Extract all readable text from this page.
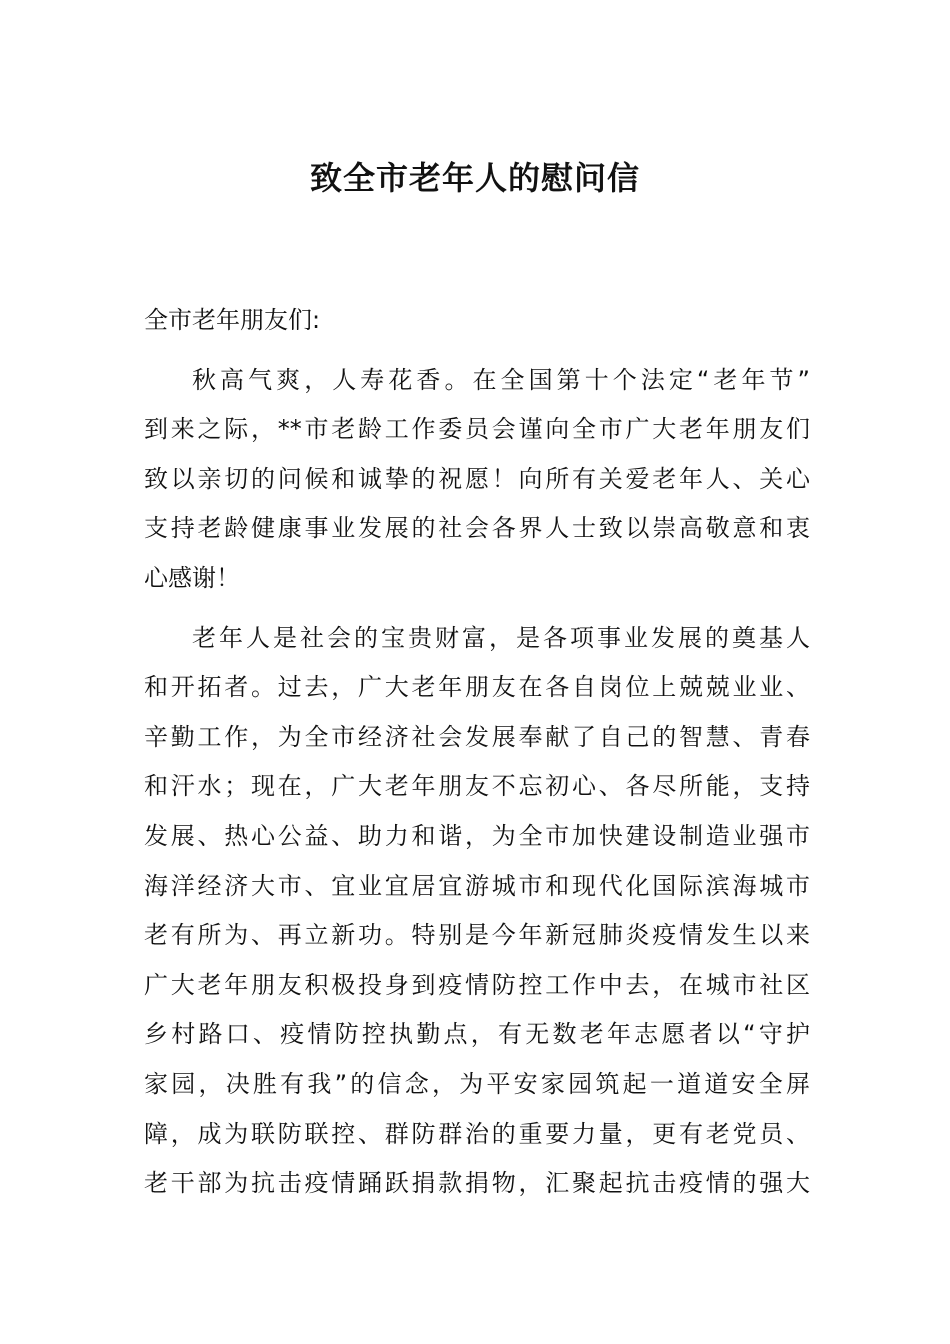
致全市老年人的慰问信
全市老年朋友们:
秋高气爽，人寿花香。在全国第十个法定“老年节”
到来之际，**市老龄工作委员会谨向全市广大老年朋友们
致以亲切的问候和诚挚的祝愿！向所有关爱老年人、关心
支持老龄健康事业发展的社会各界人士致以崇高敬意和衷
心感谢！
老年人是社会的宝贵财富，是各项事业发展的奠基人
和开拓者。过去，广大老年朋友在各自岗位上兢兢业业、
辛勤工作，为全市经济社会发展奉献了自己的智慧、青春
和汗水；现在，广大老年朋友不忘初心、各尽所能，支持
发展、热心公益、助力和谐，为全市加快建设制造业强市
海洋经济大市、宜业宜居宜游城市和现代化国际滨海城市
老有所为、再立新功。特别是今年新冠肺炎疫情发生以来
广大老年朋友积极投身到疫情防控工作中去，在城市社区
乡村路口、疫情防控执勤点，有无数老年志愿者以“守护
家园，决胜有我”的信念，为平安家园筑起一道道安全屏
障，成为联防联控、群防群治的重要力量，更有老党员、
老干部为抗击疫情踊跃捐款捐物，汇聚起抗击疫情的强大
